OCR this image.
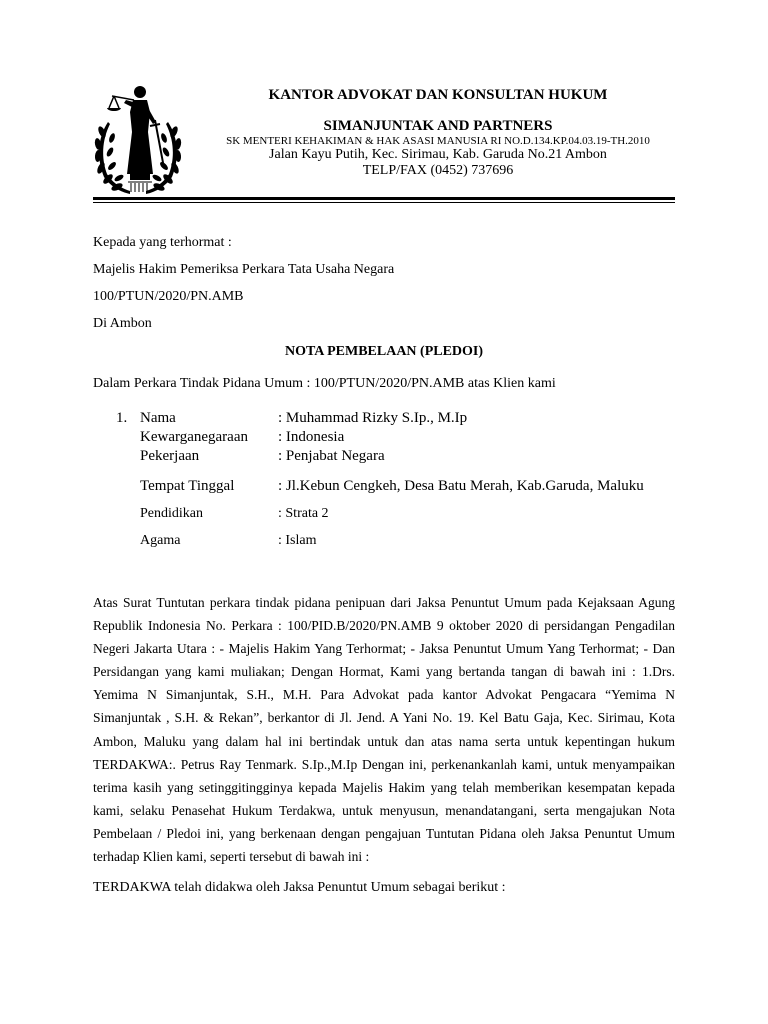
KANTOR ADVOKAT DAN KONSULTAN HUKUM
SIMANJUNTAK AND PARTNERS
SK MENTERI KEHAKIMAN & HAK ASASI MANUSIA RI NO.D.134.KP.04.03.19-TH.2010
Jalan Kayu Putih, Kec. Sirimau, Kab. Garuda No.21 Ambon
TELP/FAX (0452) 737696
Kepada yang terhormat :
Majelis Hakim Pemeriksa Perkara Tata Usaha Negara
100/PTUN/2020/PN.AMB
Di Ambon
NOTA PEMBELAAN (PLEDOI)
Dalam Perkara Tindak Pidana Umum : 100/PTUN/2020/PN.AMB atas Klien kami
1. Nama	: Muhammad Rizky S.Ip., M.Ip
Kewarganegaraan : Indonesia
Pekerjaan	: Penjabat Negara
Tempat Tinggal	: Jl.Kebun Cengkeh, Desa Batu Merah, Kab.Garuda, Maluku
Pendidikan	: Strata 2
Agama	: Islam
Atas Surat Tuntutan perkara tindak pidana penipuan dari Jaksa Penuntut Umum pada Kejaksaan Agung Republik Indonesia No. Perkara : 100/PID.B/2020/PN.AMB 9 oktober 2020 di persidangan Pengadilan Negeri Jakarta Utara : - Majelis Hakim Yang Terhormat; - Jaksa Penuntut Umum Yang Terhormat; - Dan Persidangan yang kami muliakan; Dengan Hormat, Kami yang bertanda tangan di bawah ini : 1.Drs. Yemima N Simanjuntak, S.H., M.H. Para Advokat pada kantor Advokat Pengacara “Yemima N Simanjuntak , S.H. & Rekan”, berkantor di Jl. Jend. A Yani No. 19. Kel Batu Gaja, Kec. Sirimau, Kota Ambon, Maluku yang dalam hal ini bertindak untuk dan atas nama serta untuk kepentingan hukum TERDAKWA:. Petrus Ray Tenmark. S.Ip.,M.Ip Dengan ini, perkenankanlah kami, untuk menyampaikan terima kasih yang setinggitingginya kepada Majelis Hakim yang telah memberikan kesempatan kepada kami, selaku Penasehat Hukum Terdakwa, untuk menyusun, menandatangani, serta mengajukan Nota Pembelaan / Pledoi ini, yang berkenaan dengan pengajuan Tuntutan Pidana oleh Jaksa Penuntut Umum terhadap Klien kami, seperti tersebut di bawah ini :
TERDAKWA telah didakwa oleh Jaksa Penuntut Umum sebagai berikut :
